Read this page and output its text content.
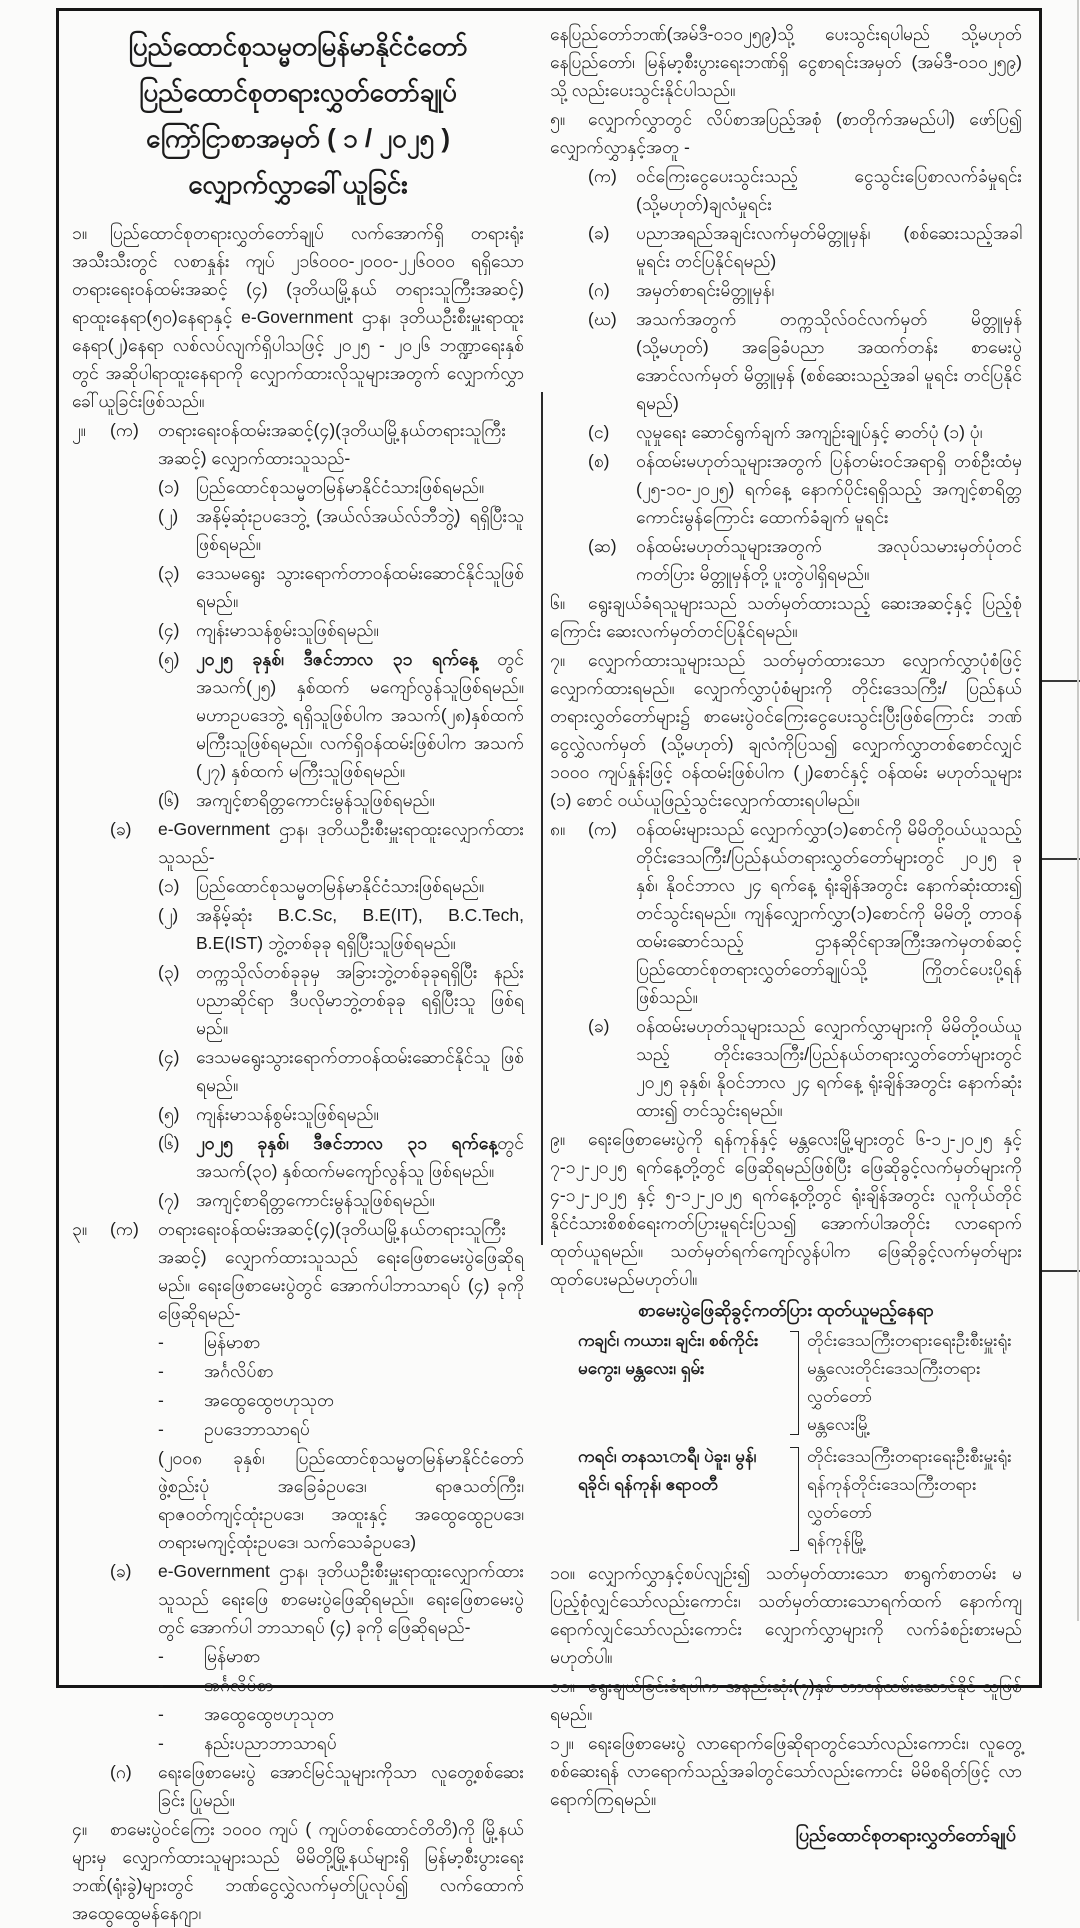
ပြည်ထောင်စုသမ္မတမြန်မာနိုင်ငံတော်
ပြည်ထောင်စုတရားလွှတ်တော်ချုပ်
ကြော်ငြာစာအမှတ် ( ၁ / ၂၀၂၅ )
လျှောက်လွှာခေါ်ယူခြင်း
၁။ ပြည်ထောင်စုတရားလွှတ်တော်ချုပ် လက်အောက်ရှိ တရားရုံးအသီးသီးတွင် လစာနှုန်း ကျပ် ၂၁၆၀၀၀-၂၀၀၀-၂၂၆၀၀၀ ရရှိသော တရားရေးဝန်ထမ်းအဆင့် (၄) (ဒုတိယမြို့နယ် တရားသူကြီးအဆင့်) ရာထူးနေရာ(၅၀)နေရာနှင့် e-Government ဌာန၊ ဒုတိယဦးစီးမှူးရာထူးနေရာ(၂)နေရာ လစ်လပ်လျက်ရှိပါသဖြင့် ၂၀၂၅ - ၂၀၂၆ ဘဏ္ဍာရေးနှစ်တွင် အဆိုပါရာထူးနေရာကို လျှောက်ထားလိုသူများအတွက် လျှောက်လွှာခေါ်ယူခြင်းဖြစ်သည်။
၂။	(က)	တရားရေးဝန်ထမ်းအဆင့်(၄)(ဒုတိယမြို့နယ်တရားသူကြီးအဆင့်) လျှောက်ထားသူသည်-
(၁) ပြည်ထောင်စုသမ္မတမြန်မာနိုင်ငံသားဖြစ်ရမည်။
(၂)	အနိမ့်ဆုံးဥပဒေဘွဲ့ (အယ်လ်အယ်လ်ဘီဘွဲ့) ရရှိပြီးသူဖြစ်ရမည်။
(၃) ဒေသမရွေး သွားရောက်တာဝန်ထမ်းဆောင်နိုင်သူဖြစ်ရမည်။
(၄) ကျန်းမာသန်စွမ်းသူဖြစ်ရမည်။
(၅) ၂၀၂၅ ခုနှစ်၊ ဒီဇင်ဘာလ ၃၁ ရက်နေ့ တွင် အသက်(၂၅) နှစ်ထက် မကျော်လွန်သူဖြစ်ရမည်။ မဟာဥပဒေဘွဲ့ ရရှိသူဖြစ်ပါက အသက်(၂၈)နှစ်ထက် မကြီးသူဖြစ်ရမည်။ လက်ရှိဝန်ထမ်းဖြစ်ပါက အသက် (၂၇) နှစ်ထက် မကြီးသူဖြစ်ရမည်။
(၆) အကျင့်စာရိတ္တကောင်းမွန်သူဖြစ်ရမည်။
(ခ)	e-Government ဌာန၊ ဒုတိယဦးစီးမှူးရာထူးလျှောက်ထားသူသည်-
(၁) ပြည်ထောင်စုသမ္မတမြန်မာနိုင်ငံသားဖြစ်ရမည်။
(၂)	အနိမ့်ဆုံး B.C.Sc, B.E(IT), B.C.Tech, B.E(IST) ဘွဲ့တစ်ခုခု ရရှိပြီးသူဖြစ်ရမည်။
(၃) တက္ကသိုလ်တစ်ခုခုမှ အခြားဘွဲ့တစ်ခုခုရရှိပြီး နည်းပညာဆိုင်ရာ ဒီပလိုမာဘွဲ့တစ်ခုခု ရရှိပြီးသူ ဖြစ်ရမည်။
(၄) ဒေသမရွေးသွားရောက်တာဝန်ထမ်းဆောင်နိုင်သူ ဖြစ်ရမည်။
(၅) ကျန်းမာသန်စွမ်းသူဖြစ်ရမည်။
(၆) ၂၀၂၅ ခုနှစ်၊ ဒီဇင်ဘာလ ၃၁ ရက်နေ့တွင် အသက်(၃၀) နှစ်ထက်မကျော်လွန်သူ ဖြစ်ရမည်။
(၇) အကျင့်စာရိတ္တကောင်းမွန်သူဖြစ်ရမည်။
၃။	(က)	တရားရေးဝန်ထမ်းအဆင့်(၄)(ဒုတိယမြို့နယ်တရားသူကြီးအဆင့်) လျှောက်ထားသူသည် ရေးဖြေစာမေးပွဲဖြေဆိုရမည်။ ရေးဖြေစာမေးပွဲတွင် အောက်ပါဘာသာရပ် (၄) ခုကို ဖြေဆိုရမည်-
-	မြန်မာစာ
-	အင်္ဂလိပ်စာ
-	အထွေထွေဗဟုသုတ
-	ဥပဒေဘာသာရပ်
(၂၀၀၈ ခုနှစ်၊ ပြည်ထောင်စုသမ္မတမြန်မာနိုင်ငံတော် ဖွဲ့စည်းပုံ အခြေခံဥပဒေ၊ ရာဇသတ်ကြီး၊ ရာဇဝတ်ကျင့်ထုံးဥပဒေ၊ အထူးနှင့် အထွေထွေဥပဒေ၊ တရားမကျင့်ထုံးဥပဒေ၊ သက်သေခံဥပဒေ)
(ခ)	e-Government ဌာန၊ ဒုတိယဦးစီးမှူးရာထူးလျှောက်ထားသူသည် ရေးဖြေ စာမေးပွဲဖြေဆိုရမည်။ ရေးဖြေစာမေးပွဲတွင် အောက်ပါ ဘာသာရပ် (၄) ခုကို ဖြေဆိုရမည်-
-	မြန်မာစာ
-	အင်္ဂလိပ်စာ
-	အထွေထွေဗဟုသုတ
-	နည်းပညာဘာသာရပ်
(ဂ)	ရေးဖြေစာမေးပွဲ အောင်မြင်သူများကိုသာ လူတွေ့စစ်ဆေးခြင်း ပြုမည်။
၄။ စာမေးပွဲဝင်ကြေး ၁၀၀၀ ကျပ် ( ကျပ်တစ်ထောင်တိတိ)ကို မြို့နယ်များမှ လျှောက်ထားသူများသည် မိမိတို့မြို့နယ်များရှိ မြန်မာ့စီးပွားရေးဘဏ်(ရုံးခွဲ)များတွင် ဘဏ်ငွေလွှဲလက်မှတ်ပြုလုပ်၍ လက်ထောက်အထွေထွေမန်နေဂျာ၊
နေပြည်တော်ဘဏ်(အမ်ဒီ-၀၁၀၂၅၉)သို့ ပေးသွင်းရပါမည် သို့မဟုတ် နေပြည်တော်၊ မြန်မာ့စီးပွားရေးဘဏ်ရှိ ငွေစာရင်းအမှတ် (အမ်ဒီ-၀၁၀၂၅၉) သို့ လည်းပေးသွင်းနိုင်ပါသည်။
၅။ လျှောက်လွှာတွင် လိပ်စာအပြည့်အစုံ (စာတိုက်အမည်ပါ) ဖော်ပြ၍ လျှောက်လွှာနှင့်အတူ -
(က)	ဝင်ကြေးငွေပေးသွင်းသည့် ငွေသွင်းပြေစာလက်ခံမှုရင်း (သို့မဟုတ်)ချလံမှုရင်း
(ခ)	ပညာအရည်အချင်းလက်မှတ်မိတ္တူမှန်၊ (စစ်ဆေးသည့်အခါမူရင်း တင်ပြနိုင်ရမည်)
(ဂ)	အမှတ်စာရင်းမိတ္တူမှန်၊
(ဃ)	အသက်အတွက် တက္ကသိုလ်ဝင်လက်မှတ် မိတ္တူမှန် (သို့မဟုတ်) အခြေခံပညာ အထက်တန်း စာမေးပွဲအောင်လက်မှတ် မိတ္တူမှန် (စစ်ဆေးသည့်အခါ မူရင်း တင်ပြနိုင်ရမည်)
(င)	လူမှုရေး ဆောင်ရွက်ချက် အကျဉ်းချုပ်နှင့် ဓာတ်ပုံ (၁) ပုံ၊
(စ)	ဝန်ထမ်းမဟုတ်သူများအတွက် ပြန်တမ်းဝင်အရာရှိ တစ်ဦးထံမှ (၂၅-၁၀-၂၀၂၅) ရက်နေ့ နောက်ပိုင်းရရှိသည့် အကျင့်စာရိတ္တ ကောင်းမွန်ကြောင်း ထောက်ခံချက် မူရင်း
(ဆ)	ဝန်ထမ်းမဟုတ်သူများအတွက် အလုပ်သမားမှတ်ပုံတင်ကတ်ပြား မိတ္တူမှန်တို့ ပူးတွဲပါရှိရမည်။
၆။ ရွေးချယ်ခံရသူများသည် သတ်မှတ်ထားသည့် ဆေးအဆင့်နှင့် ပြည့်စုံကြောင်း ဆေးလက်မှတ်တင်ပြနိုင်ရမည်။
၇။ လျှောက်ထားသူများသည် သတ်မှတ်ထားသော လျှောက်လွှာပုံစံဖြင့် လျှောက်ထားရမည်။ လျှောက်လွှာပုံစံများကို တိုင်းဒေသကြီး/ ပြည်နယ် တရားလွှတ်တော်များ၌ စာမေးပွဲဝင်ကြေးငွေပေးသွင်းပြီးဖြစ်ကြောင်း ဘဏ်ငွေလွှဲလက်မှတ် (သို့မဟုတ်) ချလံကိုပြသ၍ လျှောက်လွှာတစ်စောင်လျှင် ၁၀၀၀ ကျပ်နှုန်းဖြင့် ဝန်ထမ်းဖြစ်ပါက (၂)စောင်နှင့် ဝန်ထမ်း မဟုတ်သူများ (၁) စောင် ဝယ်ယူဖြည့်သွင်းလျှောက်ထားရပါမည်။
၈။	(က)	ဝန်ထမ်းများသည် လျှောက်လွှာ(၁)စောင်ကို မိမိတို့ဝယ်ယူသည့် တိုင်းဒေသကြီး/ပြည်နယ်တရားလွှတ်တော်များတွင် ၂၀၂၅ ခုနှစ်၊ နိုဝင်ဘာလ ၂၄ ရက်နေ့ ရုံးချိန်အတွင်း နောက်ဆုံးထား၍ တင်သွင်းရမည်။ ကျန်လျှောက်လွှာ(၁)စောင်ကို မိမိတို့ တာဝန်ထမ်းဆောင်သည့် ဌာနဆိုင်ရာအကြီးအကဲမှတစ်ဆင့် ပြည်ထောင်စုတရားလွှတ်တော်ချုပ်သို့ ကြိုတင်ပေးပို့ရန် ဖြစ်သည်။
(ခ)	ဝန်ထမ်းမဟုတ်သူများသည် လျှောက်လွှာများကို မိမိတို့ဝယ်ယူသည့် တိုင်းဒေသကြီး/ပြည်နယ်တရားလွှတ်တော်များတွင် ၂၀၂၅ ခုနှစ်၊ နိုဝင်ဘာလ ၂၄ ရက်နေ့ ရုံးချိန်အတွင်း နောက်ဆုံးထား၍ တင်သွင်းရမည်။
၉။ ရေးဖြေစာမေးပွဲကို ရန်ကုန်နှင့် မန္တလေးမြို့များတွင် ၆-၁၂-၂၀၂၅ နှင့် ၇-၁၂-၂၀၂၅ ရက်နေ့တို့တွင် ဖြေဆိုရမည်ဖြစ်ပြီး ဖြေဆိုခွင့်လက်မှတ်များကို ၄-၁၂-၂၀၂၅ နှင့် ၅-၁၂-၂၀၂၅ ရက်နေ့တို့တွင် ရုံးချိန်အတွင်း လူကိုယ်တိုင် နိုင်ငံသားစိစစ်ရေးကတ်ပြားမူရင်းပြသ၍ အောက်ပါအတိုင်း လာရောက် ထုတ်ယူရမည်။ သတ်မှတ်ရက်ကျော်လွန်ပါက ဖြေဆိုခွင့်လက်မှတ်များ ထုတ်ပေးမည်မဟုတ်ပါ။
စာမေးပွဲဖြေဆိုခွင့်ကတ်ပြား ထုတ်ယူမည့်နေရာ
ကချင်၊ ကယား၊ ချင်း၊ စစ်ကိုင်း
မကွေး၊ မန္တလေး၊ ရှမ်း
တိုင်းဒေသကြီးတရားရေးဦးစီးမှူးရုံး
မန္တလေးတိုင်းဒေသကြီးတရားလွှတ်တော်
မန္တလေးမြို့
ကရင်၊ တနသၤာရီ၊ ပဲခူး၊ မွန်၊
ရခိုင်၊ ရန်ကုန်၊ ဧရာဝတီ
တိုင်းဒေသကြီးတရားရေးဦးစီးမှူးရုံး
ရန်ကုန်တိုင်းဒေသကြီးတရားလွှတ်တော်
ရန်ကုန်မြို့
၁၀။ လျှောက်လွှာနှင့်စပ်လျဉ်း၍ သတ်မှတ်ထားသော စာရွက်စာတမ်း မပြည့်စုံလျှင်သော်လည်းကောင်း၊ သတ်မှတ်ထားသောရက်ထက် နောက်ကျရောက်လျှင်သော်လည်းကောင်း လျှောက်လွှာများကို လက်ခံစဉ်းစားမည်မဟုတ်ပါ။
၁၁။ ရွေးချယ်ခြင်းခံရပါက အနည်းဆုံး(၇)နှစ် တာဝန်ထမ်းဆောင်နိုင် သူဖြစ်ရမည်။
၁၂။ ရေးဖြေစာမေးပွဲ လာရောက်ဖြေဆိုရာတွင်သော်လည်းကောင်း၊ လူတွေ့ စစ်ဆေးရန် လာရောက်သည့်အခါတွင်သော်လည်းကောင်း မိမိစရိတ်ဖြင့် လာရောက်ကြရမည်။
ပြည်ထောင်စုတရားလွှတ်တော်ချုပ်
